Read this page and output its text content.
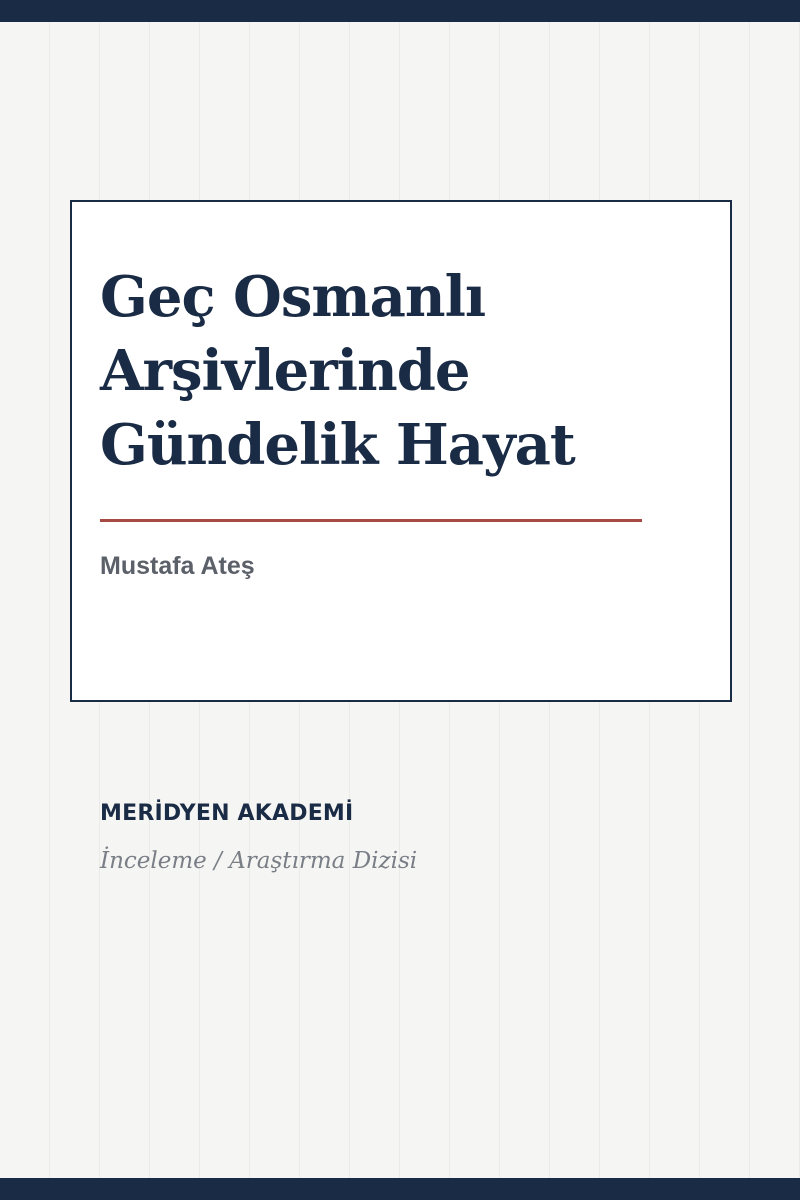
Geç Osmanlı
Arşivlerinde
Gündelik Hayat
Mustafa Ateş
MERİDYEN AKADEMİ
İnceleme / Araştırma Dizisi
